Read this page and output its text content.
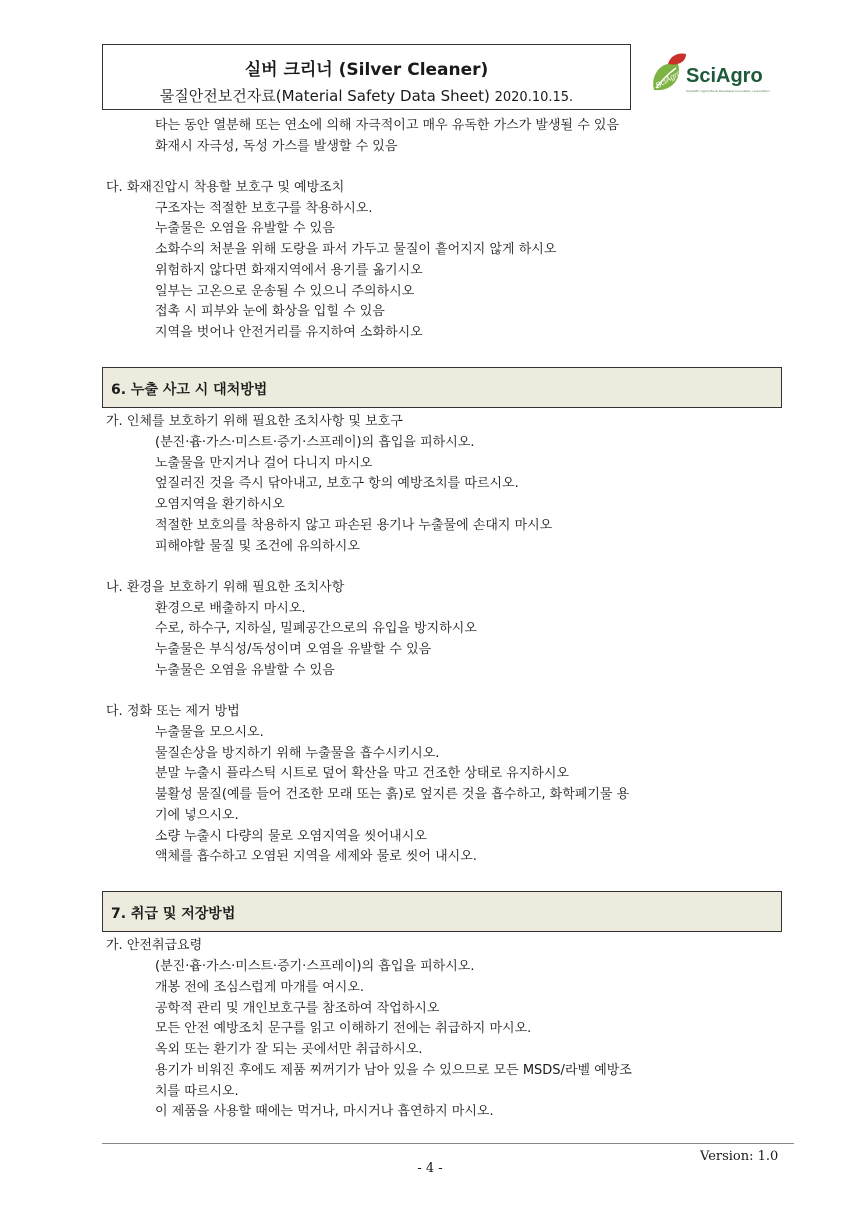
실버 크리너 (Silver Cleaner)
물질안전보건자료(Material Safety Data Sheet) 2020.10.15.
SciAgro SciAgro
Scientific Agricultural Developer Innovation corporation
타는 동안 열분해 또는 연소에 의해 자극적이고 매우 유독한 가스가 발생될 수 있음
화재시 자극성, 독성 가스를 발생할 수 있음
다. 화재진압시 착용할 보호구 및 예방조치
구조자는 적절한 보호구를 착용하시오.
누출물은 오염을 유발할 수 있음
소화수의 처분을 위해 도랑을 파서 가두고 물질이 흩어지지 않게 하시오
위험하지 않다면 화재지역에서 용기를 옮기시오
일부는 고온으로 운송될 수 있으니 주의하시오
접촉 시 피부와 눈에 화상을 입힐 수 있음
지역을 벗어나 안전거리를 유지하여 소화하시오
6. 누출 사고 시 대처방법
가. 인체를 보호하기 위해 필요한 조치사항 및 보호구
(분진·흄·가스·미스트·증기·스프레이)의 흡입을 피하시오.
노출물을 만지거나 걸어 다니지 마시오
엎질러진 것을 즉시 닦아내고, 보호구 항의 예방조치를 따르시오.
오염지역을 환기하시오
적절한 보호의를 착용하지 않고 파손된 용기나 누출물에 손대지 마시오
피해야할 물질 및 조건에 유의하시오
나. 환경을 보호하기 위해 필요한 조치사항
환경으로 배출하지 마시오.
수로, 하수구, 지하실, 밀폐공간으로의 유입을 방지하시오
누출물은 부식성/독성이며 오염을 유발할 수 있음
누출물은 오염을 유발할 수 있음
다. 정화 또는 제거 방법
누출물을 모으시오.
물질손상을 방지하기 위해 누출물을 흡수시키시오.
분말 누출시 플라스틱 시트로 덮어 확산을 막고 건조한 상태로 유지하시오
불활성 물질(예를 들어 건조한 모래 또는 흙)로 엎지른 것을 흡수하고, 화학폐기물 용
기에 넣으시오.
소량 누출시 다량의 물로 오염지역을 씻어내시오
액체를 흡수하고 오염된 지역을 세제와 물로 씻어 내시오.
7. 취급 및 저장방법
가. 안전취급요령
(분진·흄·가스·미스트·증기·스프레이)의 흡입을 피하시오.
개봉 전에 조심스럽게 마개를 여시오.
공학적 관리 및 개인보호구를 참조하여 작업하시오
모든 안전 예방조치 문구를 읽고 이해하기 전에는 취급하지 마시오.
옥외 또는 환기가 잘 되는 곳에서만 취급하시오.
용기가 비워진 후에도 제품 찌꺼기가 남아 있을 수 있으므로 모든 MSDS/라벨 예방조
치를 따르시오.
이 제품을 사용할 때에는 먹거나, 마시거나 흡연하지 마시오.
Version: 1.0
- 4 -
